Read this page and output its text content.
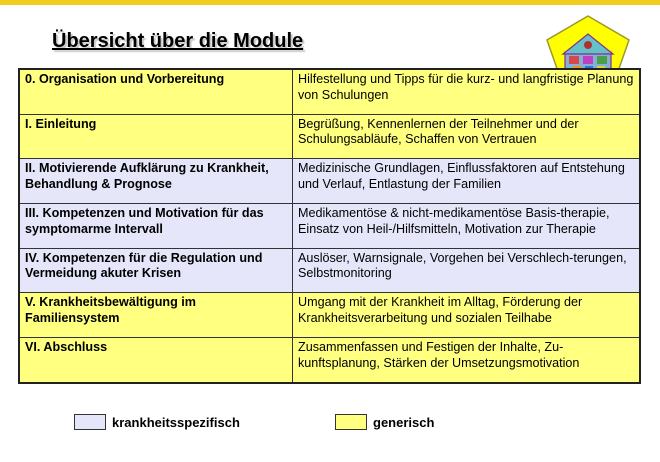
Übersicht über die Module
0. Organisation und Vorbereitung	Hilfestellung und Tipps für die kurz- und langfristige Planung von Schulungen
I. Einleitung	Begrüßung, Kennenlernen der Teilnehmer und der Schulungsabläufe, Schaffen von Vertrauen
II. Motivierende Aufklärung zu Krankheit, Behandlung & Prognose	Medizinische Grundlagen, Einflussfaktoren auf Entstehung und Verlauf, Entlastung der Familien
III. Kompetenzen und Motivation für das symptomarme Intervall	Medikamentöse & nicht-medikamentöse Basis-therapie, Einsatz von Heil-/Hilfsmitteln, Motivation zur Therapie
IV. Kompetenzen für die Regulation und Vermeidung akuter Krisen	Auslöser, Warnsignale, Vorgehen bei Verschlech-terungen, Selbstmonitoring
V. Krankheitsbewältigung im Familiensystem	Umgang mit der Krankheit im Alltag, Förderung der Krankheitsverarbeitung und sozialen Teilhabe
VI. Abschluss	Zusammenfassen und Festigen der Inhalte, Zu-kunftsplanung, Stärken der Umsetzungsmotivation
krankheitsspezifisch	generisch
